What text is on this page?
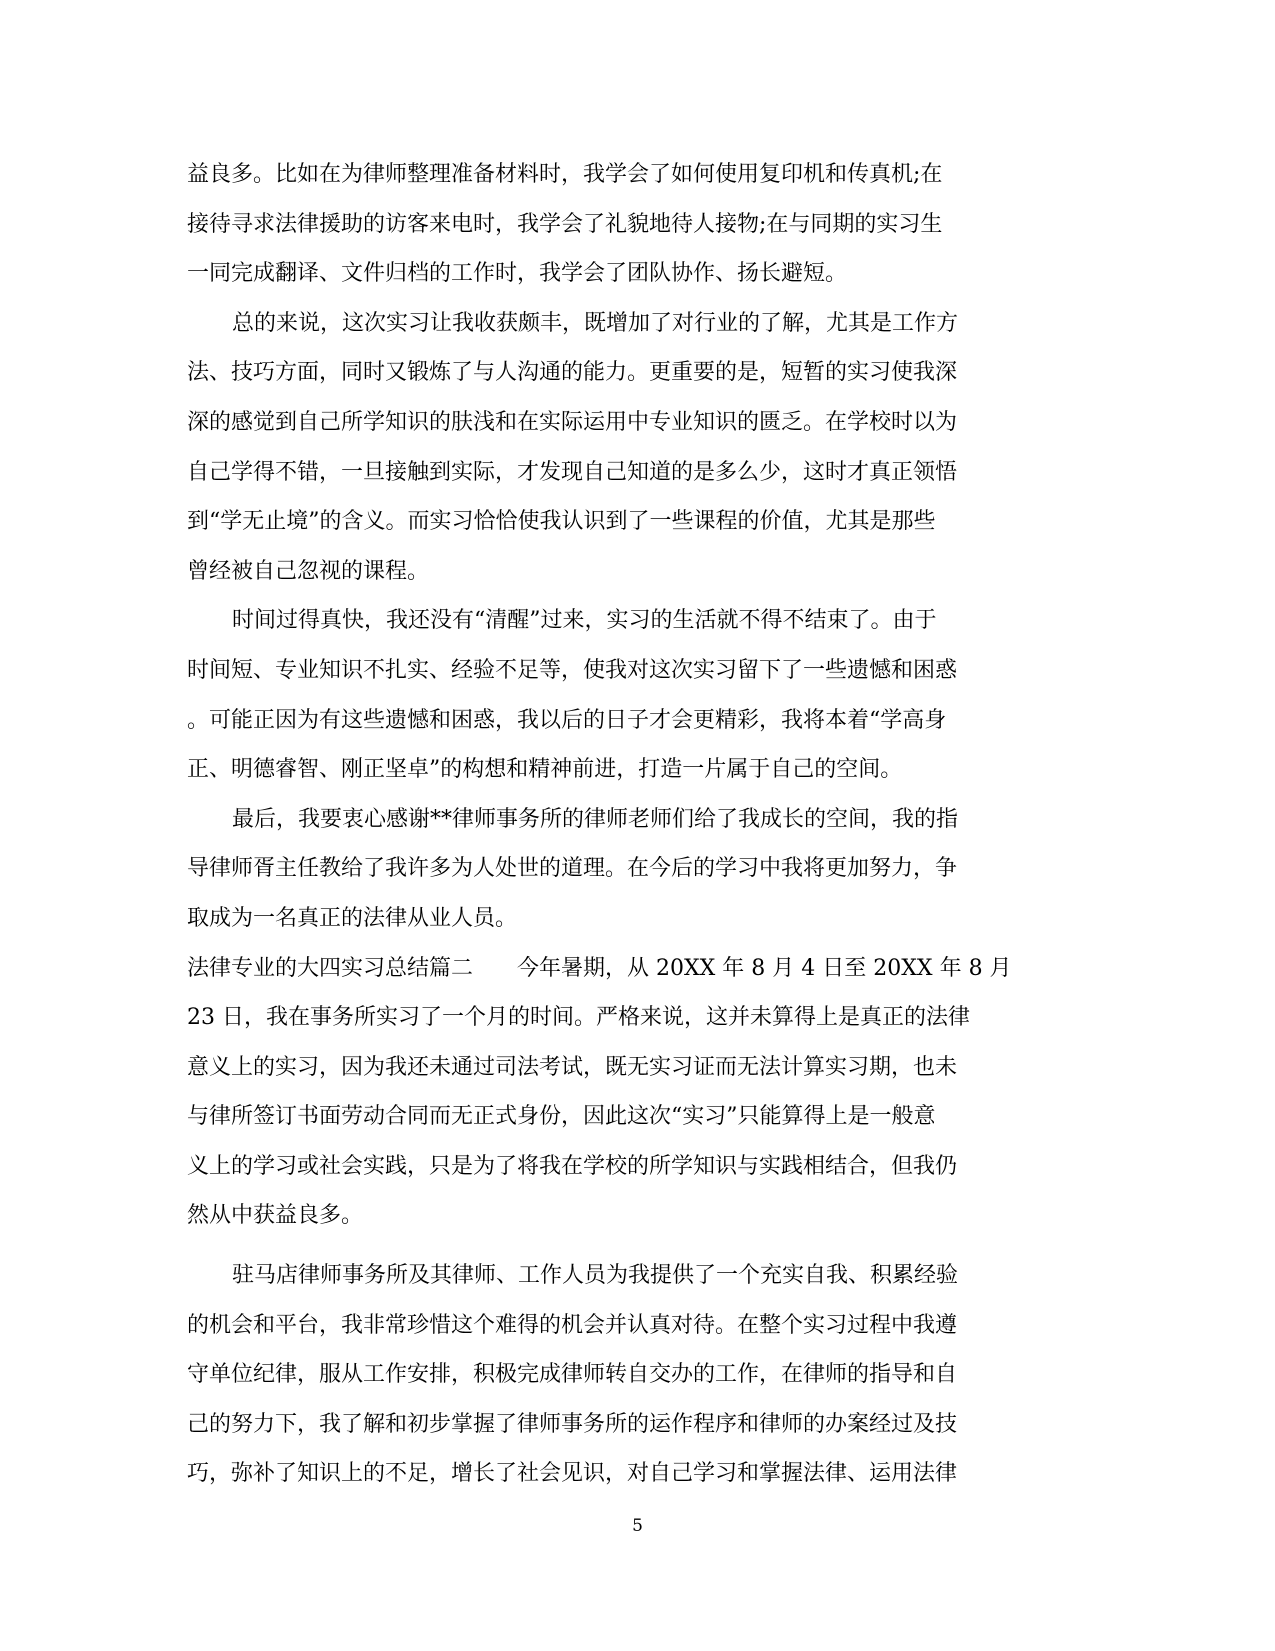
益良多。比如在为律师整理准备材料时，我学会了如何使用复印机和传真机;在
接待寻求法律援助的访客来电时，我学会了礼貌地待人接物;在与同期的实习生
一同完成翻译、文件归档的工作时，我学会了团队协作、扬长避短。
总的来说，这次实习让我收获颇丰，既增加了对行业的了解，尤其是工作方
法、技巧方面，同时又锻炼了与人沟通的能力。更重要的是，短暂的实习使我深
深的感觉到自己所学知识的肤浅和在实际运用中专业知识的匮乏。在学校时以为
自己学得不错，一旦接触到实际，才发现自己知道的是多么少，这时才真正领悟
到“学无止境”的含义。而实习恰恰使我认识到了一些课程的价值，尤其是那些
曾经被自己忽视的课程。
时间过得真快，我还没有“清醒”过来，实习的生活就不得不结束了。由于
时间短、专业知识不扎实、经验不足等，使我对这次实习留下了一些遗憾和困惑
。可能正因为有这些遗憾和困惑，我以后的日子才会更精彩，我将本着“学高身
正、明德睿智、刚正坚卓”的构想和精神前进，打造一片属于自己的空间。
最后，我要衷心感谢**律师事务所的律师老师们给了我成长的空间，我的指
导律师胥主任教给了我许多为人处世的道理。在今后的学习中我将更加努力，争
取成为一名真正的法律从业人员。
法律专业的大四实习总结篇二　　今年暑期，从 20XX 年 8 月 4 日至 20XX 年 8 月
23 日，我在事务所实习了一个月的时间。严格来说，这并未算得上是真正的法律
意义上的实习，因为我还未通过司法考试，既无实习证而无法计算实习期，也未
与律所签订书面劳动合同而无正式身份，因此这次“实习”只能算得上是一般意
义上的学习或社会实践，只是为了将我在学校的所学知识与实践相结合，但我仍
然从中获益良多。
驻马店律师事务所及其律师、工作人员为我提供了一个充实自我、积累经验
的机会和平台，我非常珍惜这个难得的机会并认真对待。在整个实习过程中我遵
守单位纪律，服从工作安排，积极完成律师转自交办的工作，在律师的指导和自
己的努力下，我了解和初步掌握了律师事务所的运作程序和律师的办案经过及技
巧，弥补了知识上的不足，增长了社会见识，对自己学习和掌握法律、运用法律
5
